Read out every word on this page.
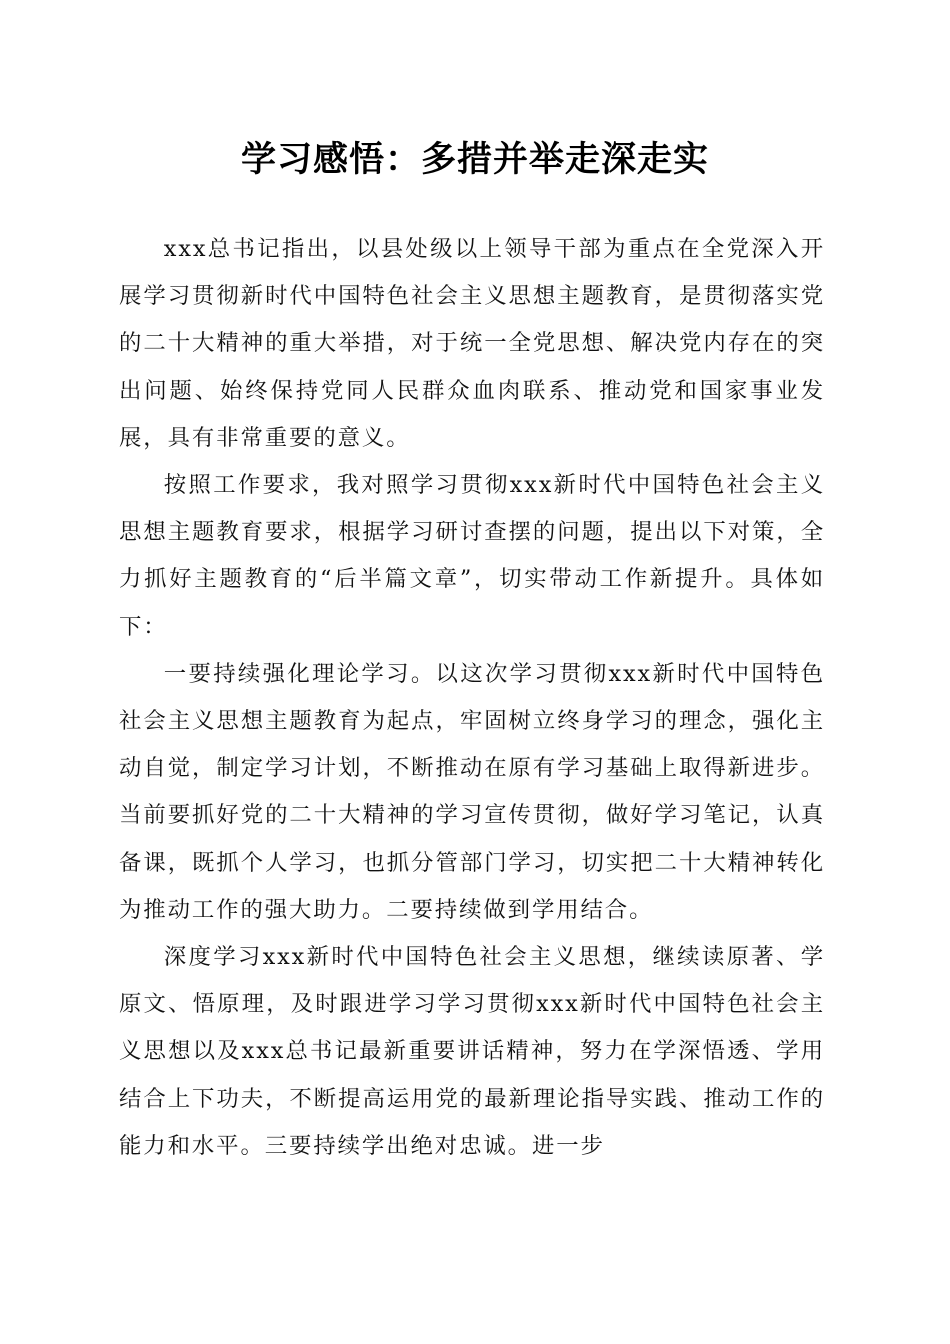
学习感悟：多措并举走深走实

xxx总书记指出，以县处级以上领导干部为重点在全党深入开展学习贯彻新时代中国特色社会主义思想主题教育，是贯彻落实党的二十大精神的重大举措，对于统一全党思想、解决党内存在的突出问题、始终保持党同人民群众血肉联系、推动党和国家事业发展，具有非常重要的意义。

按照工作要求，我对照学习贯彻xxx新时代中国特色社会主义思想主题教育要求，根据学习研讨查摆的问题，提出以下对策，全力抓好主题教育的“后半篇文章”，切实带动工作新提升。具体如下：

一要持续强化理论学习。以这次学习贯彻xxx新时代中国特色社会主义思想主题教育为起点，牢固树立终身学习的理念，强化主动自觉，制定学习计划，不断推动在原有学习基础上取得新进步。当前要抓好党的二十大精神的学习宣传贯彻，做好学习笔记，认真备课，既抓个人学习，也抓分管部门学习，切实把二十大精神转化为推动工作的强大助力。二要持续做到学用结合。

深度学习xxx新时代中国特色社会主义思想，继续读原著、学原文、悟原理，及时跟进学习学习贯彻xxx新时代中国特色社会主义思想以及xxx总书记最新重要讲话精神，努力在学深悟透、学用结合上下功夫，不断提高运用党的最新理论指导实践、推动工作的能力和水平。三要持续学出绝对忠诚。进一步
